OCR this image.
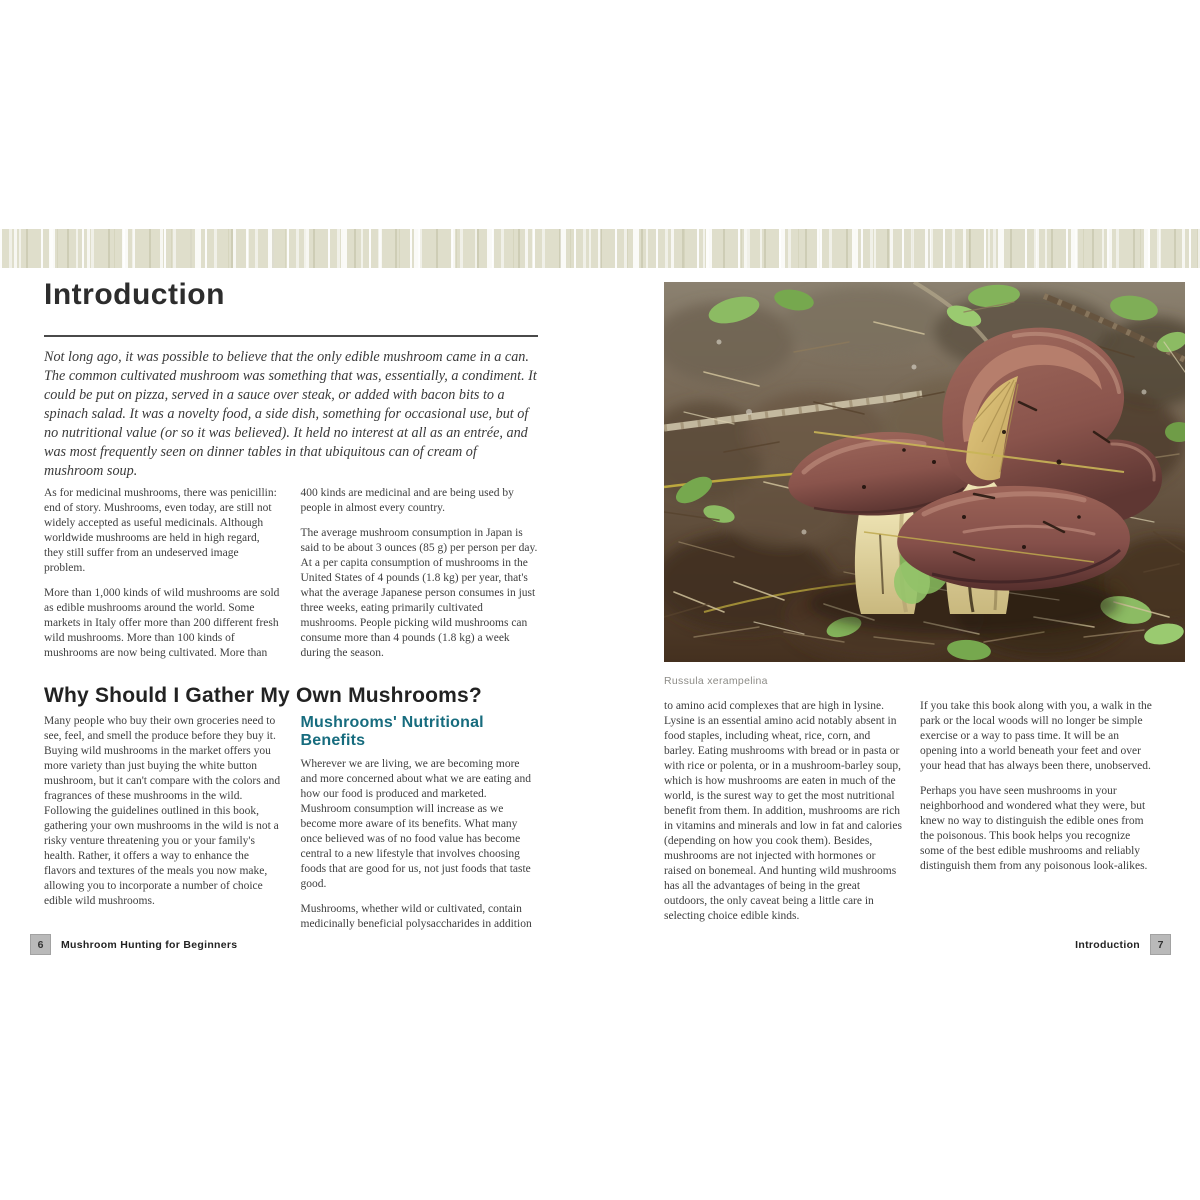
Introduction

Not long ago, it was possible to believe that the only edible mushroom came in a can. The common cultivated mushroom was something that was, essentially, a condiment. It could be put on pizza, served in a sauce over steak, or added with bacon bits to a spinach salad. It was a novelty food, a side dish, something for occasional use, but of no nutritional value (or so it was believed). It held no interest at all as an entrée, and was most frequently seen on dinner tables in that ubiquitous can of cream of mushroom soup.

As for medicinal mushrooms, there was penicillin: end of story. Mushrooms, even today, are still not widely accepted as useful medicinals. Although worldwide mushrooms are held in high regard, they still suffer from an undeserved image problem.

More than 1,000 kinds of wild mushrooms are sold as edible mushrooms around the world. Some markets in Italy offer more than 200 different fresh wild mushrooms. More than 100 kinds of mushrooms are now being cultivated. More than

400 kinds are medicinal and are being used by people in almost every country.

The average mushroom consumption in Japan is said to be about 3 ounces (85 g) per person per day. At a per capita consumption of mushrooms in the United States of 4 pounds (1.8 kg) per year, that's what the average Japanese person consumes in just three weeks, eating primarily cultivated mushrooms. People picking wild mushrooms can consume more than 4 pounds (1.8 kg) a week during the season.

Why Should I Gather My Own Mushrooms?

Many people who buy their own groceries need to see, feel, and smell the produce before they buy it. Buying wild mushrooms in the market offers you more variety than just buying the white button mushroom, but it can't compare with the colors and fragrances of these mushrooms in the wild. Following the guidelines outlined in this book, gathering your own mushrooms in the wild is not a risky venture threatening you or your family's health. Rather, it offers a way to enhance the flavors and textures of the meals you now make, allowing you to incorporate a number of choice edible wild mushrooms.

Mushrooms' Nutritional Benefits

Wherever we are living, we are becoming more and more concerned about what we are eating and how our food is produced and marketed. Mushroom consumption will increase as we become more aware of its benefits. What many once believed was of no food value has become central to a new lifestyle that involves choosing foods that are good for us, not just foods that taste good.

Mushrooms, whether wild or cultivated, contain medicinally beneficial polysaccharides in addition

Russula xerampelina

to amino acid complexes that are high in lysine. Lysine is an essential amino acid notably absent in food staples, including wheat, rice, corn, and barley. Eating mushrooms with bread or in pasta or with rice or polenta, or in a mushroom-barley soup, which is how mushrooms are eaten in much of the world, is the surest way to get the most nutritional benefit from them. In addition, mushrooms are rich in vitamins and minerals and low in fat and calories (depending on how you cook them). Besides, mushrooms are not injected with hormones or raised on bonemeal. And hunting wild mushrooms has all the advantages of being in the great outdoors, the only caveat being a little care in selecting choice edible kinds.

If you take this book along with you, a walk in the park or the local woods will no longer be simple exercise or a way to pass time. It will be an opening into a world beneath your feet and over your head that has always been there, unobserved.

Perhaps you have seen mushrooms in your neighborhood and wondered what they were, but knew no way to distinguish the edible ones from the poisonous. This book helps you recognize some of the best edible mushrooms and reliably distinguish them from any poisonous look-alikes.

6	Mushroom Hunting for Beginners	Introduction	7
